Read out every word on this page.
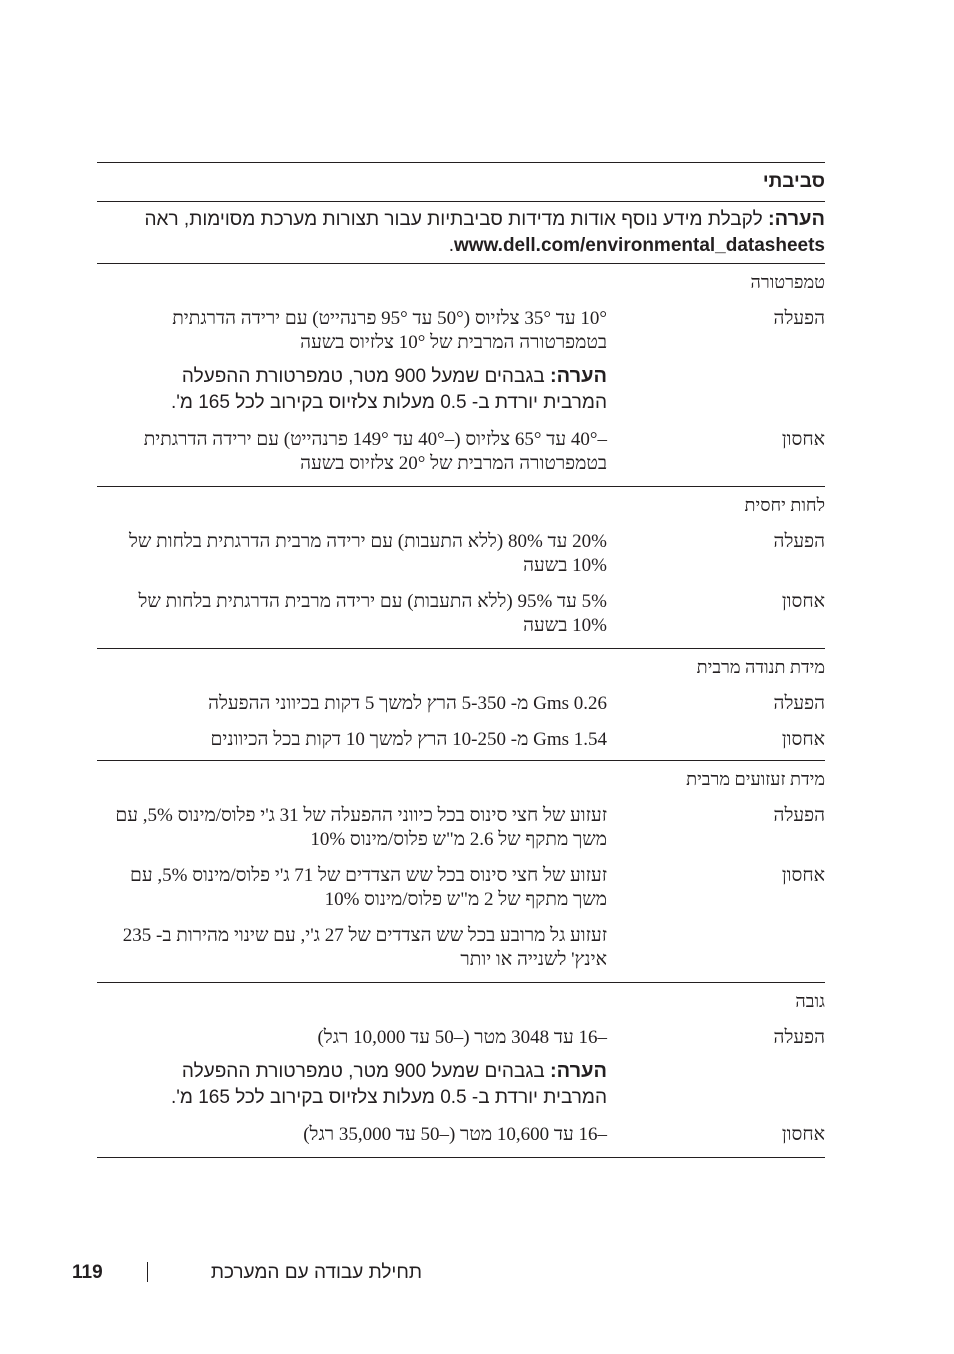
סביבתי
הערה: לקבלת מידע נוסף אודות מדידות סביבתיות עבור תצורות מערכת מסוימות, ראה www.dell.com/environmental_datasheets.
טמפרטורה
הפעלה
10° עד 35° צלזיוס (50° עד 95° פרנהייט) עם ירידה הדרגתית בטמפרטורה המרבית של 10° צלזיוס בשעה
הערה: בגבהים שמעל 900 מטר, טמפרטורת ההפעלה המרבית יורדת ב- 0.5 מעלות צלזיוס בקירוב לכל 165 מ'.
אחסון
–40° עד 65° צלזיוס (–40° עד 149° פרנהייט) עם ירידה הדרגתית בטמפרטורה המרבית של 20° צלזיוס בשעה
לחות יחסית
הפעלה
20% עד 80% (ללא התעבות) עם ירידה מרבית הדרגתית בלחות של 10% בשעה
אחסון
5% עד 95% (ללא התעבות) עם ירידה מרבית הדרגתית בלחות של 10% בשעה
מידת תנודה מרבית
הפעלה
0.26 Gms מ- 5-350 הרץ למשך 5 דקות בכיווני ההפעלה
אחסון
1.54 Gms מ- 10-250 הרץ למשך 10 דקות בכל הכיוונים
מידת זעזועים מרבית
הפעלה
זעזוע של חצי סינוס בכל כיווני ההפעלה של 31 ג'י פלוס/מינוס 5%, עם משך מתקף של 2.6 מ"ש פלוס/מינוס 10%
אחסון
זעזוע של חצי סינוס בכל שש הצדדים של 71 ג'י פלוס/מינוס 5%, עם משך מתקף של 2 מ"ש פלוס/מינוס 10%
זעזוע גל מרובע בכל שש הצדדים של 27 ג'י, עם שינוי מהירות ב- 235 אינץ' לשנייה או יותר
גובה
הפעלה
–16 עד 3048 מטר (–50 עד 10,000 רגל)
הערה: בגבהים שמעל 900 מטר, טמפרטורת ההפעלה המרבית יורדת ב- 0.5 מעלות צלזיוס בקירוב לכל 165 מ'.
אחסון
–16 עד 10,600 מטר (–50 עד 35,000 רגל)
119	תחילת עבודה עם המערכת
